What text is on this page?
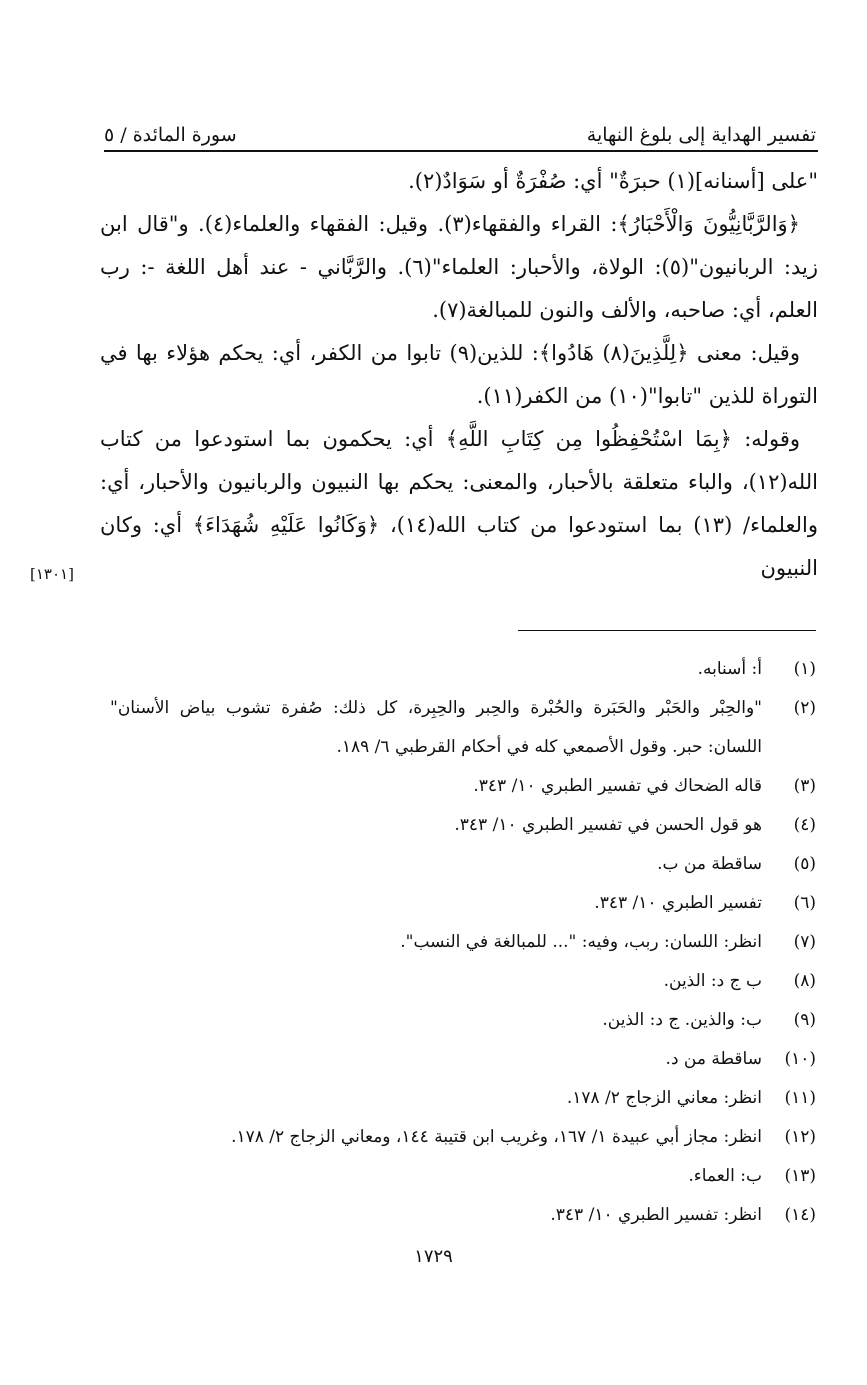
تفسير الهداية إلى بلوغ النهاية
سورة المائدة / ٥

"على [أسنانه](١) حبرَةٌ" أي: صُفْرَةٌ أو سَوَادٌ(٢).

﴿وَالرَّبَّانِيُّونَ وَالْأَحْبَارُ﴾: القراء والفقهاء(٣). وقيل: الفقهاء والعلماء(٤). و"قال ابن زيد: الربانيون"(٥): الولاة، والأحبار: العلماء"(٦). والرَّبَّاني - عند أهل اللغة -: رب العلم، أي: صاحبه، والألف والنون للمبالغة(٧).

وقيل: معنى ﴿لِلَّذِينَ(٨) هَادُوا﴾: للذين(٩) تابوا من الكفر، أي: يحكم هؤلاء بها في التوراة للذين "تابوا"(١٠) من الكفر(١١).

وقوله: ﴿بِمَا اسْتُحْفِظُوا مِن كِتَابِ اللَّهِ﴾ أي: يحكمون بما استودعوا من كتاب الله(١٢)، والباء متعلقة بالأحبار، والمعنى: يحكم بها النبيون والربانيون والأحبار، أي: والعلماء/ (١٣) بما استودعوا من كتاب الله(١٤)، ﴿وَكَانُوا عَلَيْهِ شُهَدَاءَ﴾ أي: وكان النبيون

[١٣٠١]
(١)
أ: أسنابه.
(٢)
"والحِبْر والحَبْر والحَبَرة والحُبْرة والحِبر والحِبِرة، كل ذلك: صُفرة تشوب بياض الأسنان" اللسان: حبر. وقول الأصمعي كله في أحكام القرطبي ٦/ ١٨٩.
(٣)
قاله الضحاك في تفسير الطبري ١٠/ ٣٤٣.
(٤)
هو قول الحسن في تفسير الطبري ١٠/ ٣٤٣.
(٥)
ساقطة من ب.
(٦)
تفسير الطبري ١٠/ ٣٤٣.
(٧)
انظر: اللسان: ربب، وفيه: "... للمبالغة في النسب".
(٨)
ب ج د: الذين.
(٩)
ب: والذين. ج د: الذين.
(١٠)
ساقطة من د.
(١١)
انظر: معاني الزجاج ٢/ ١٧٨.
(١٢)
انظر: مجاز أبي عبيدة ١/ ١٦٧، وغريب ابن قتيبة ١٤٤، ومعاني الزجاج ٢/ ١٧٨.
(١٣)
ب: العماء.
(١٤)
انظر: تفسير الطبري ١٠/ ٣٤٣.
١٧٢٩
